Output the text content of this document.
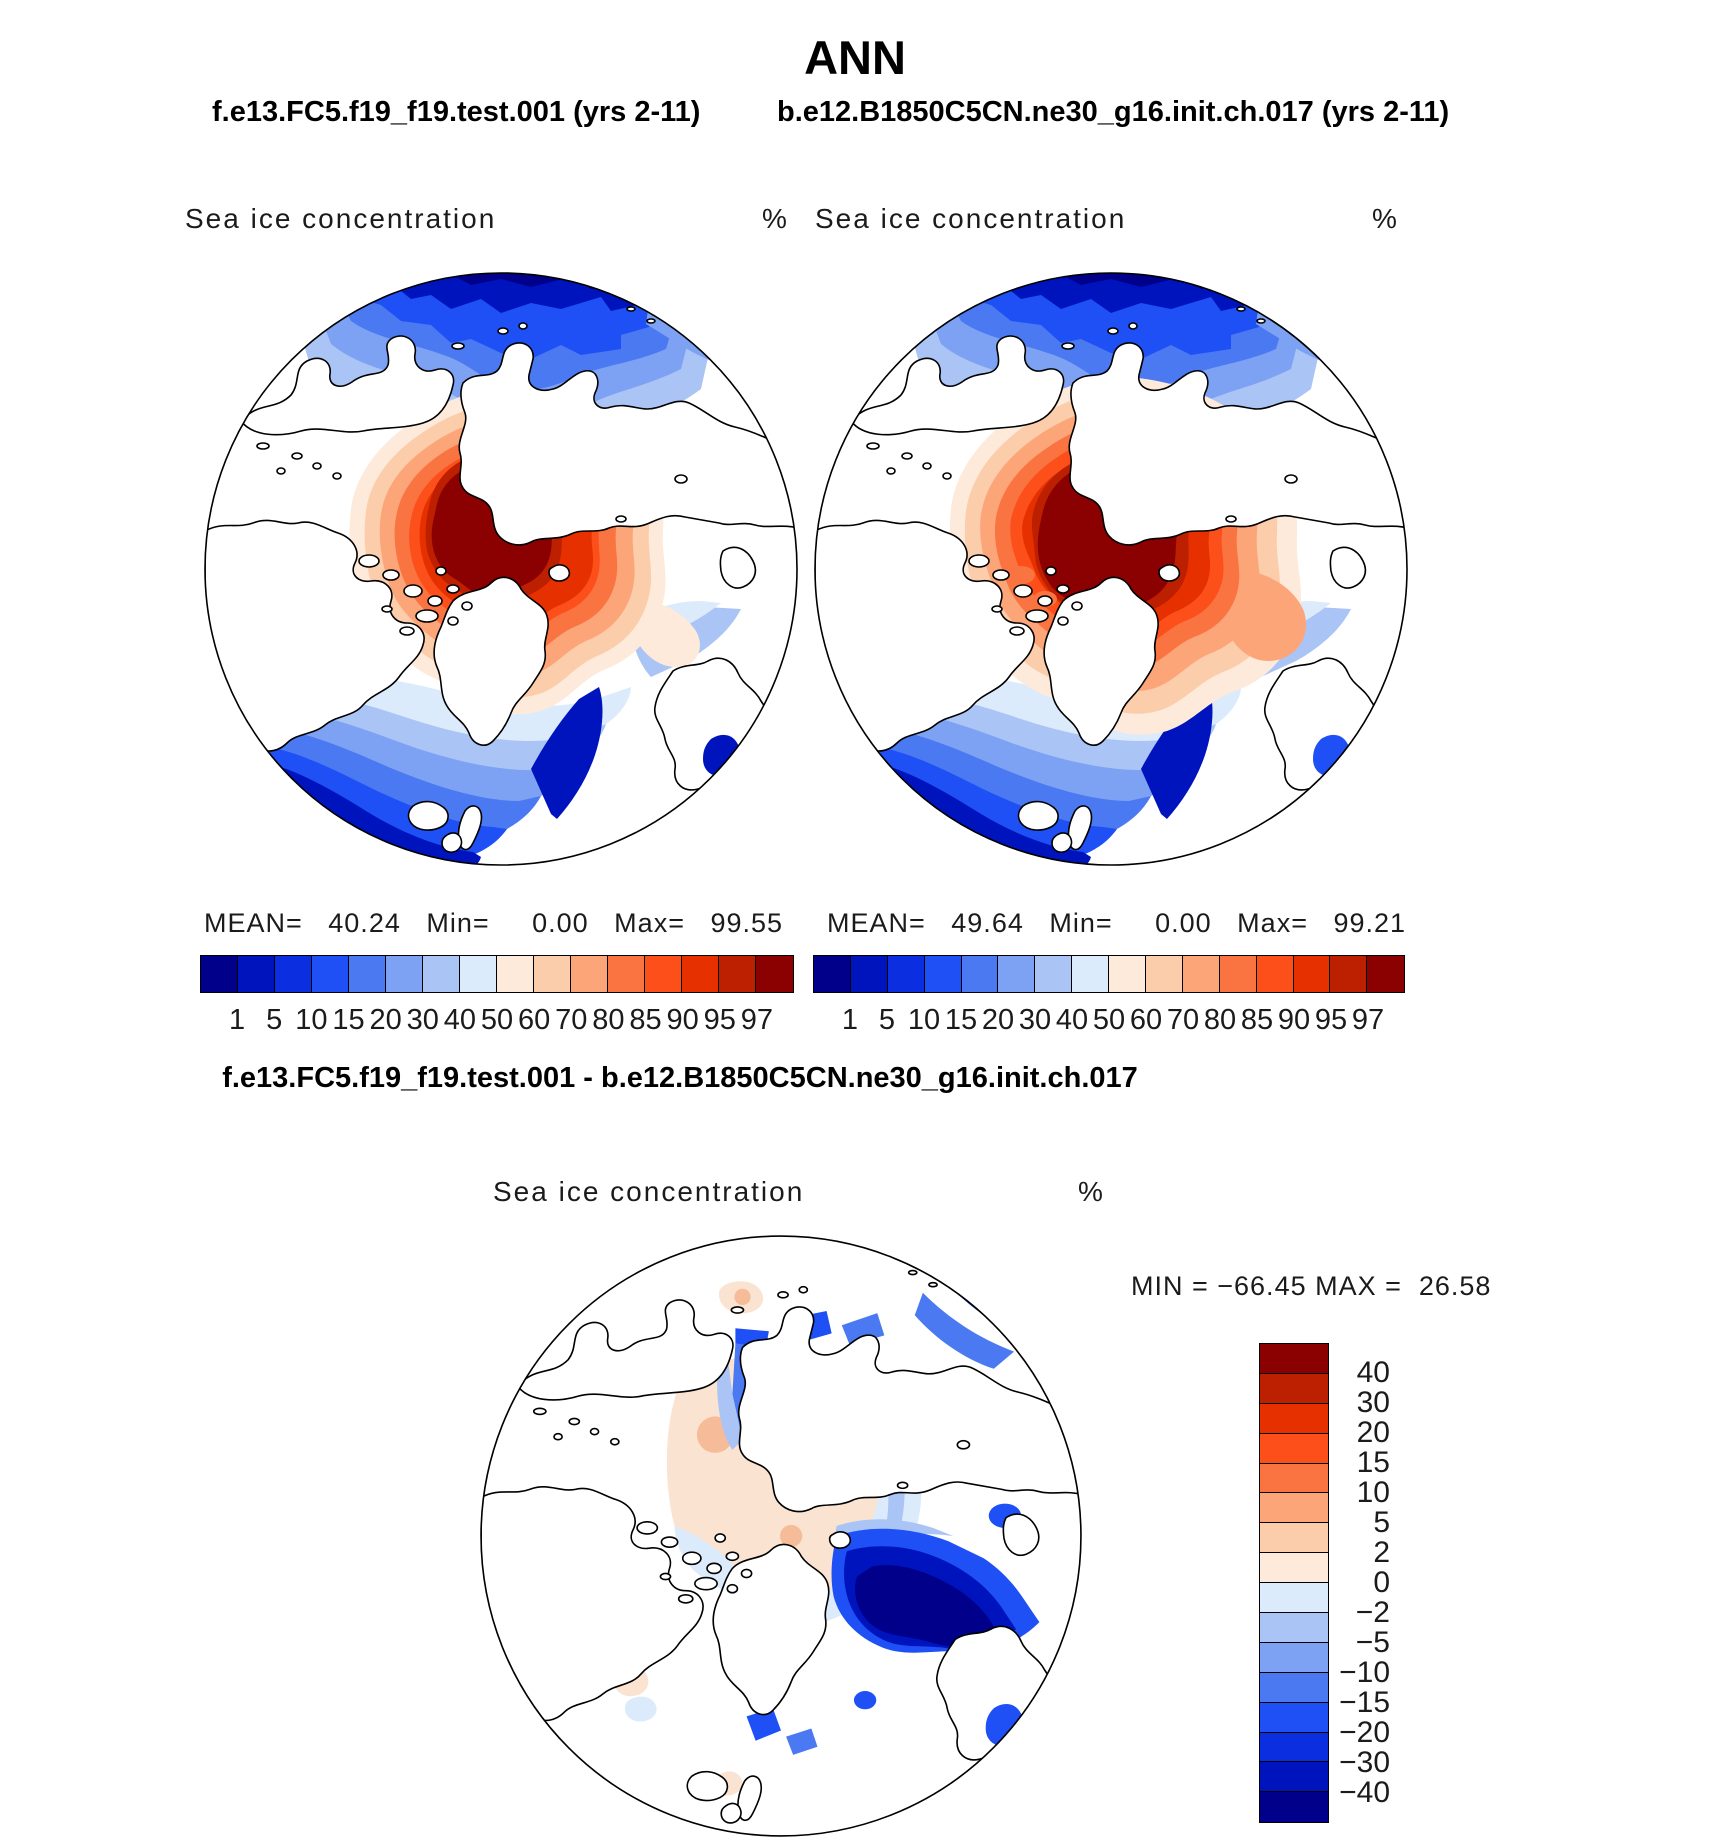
ANN
f.e13.FC5.f19_f19.test.001 (yrs 2-11)	b.e12.B1850C5CN.ne30_g16.init.ch.017 (yrs 2-11)
Sea ice concentration	% Sea ice concentration	%
MEAN=   40.24   Min=     0.00   Max=   99.55 MEAN=   49.64   Min=     0.00   Max=   99.21
1 5 10 15 20 30 40 50 60 70 80 85 90 95 97 1 5 10 15 20 30 40 50 60 70 80 85 90 95 97
f.e13.FC5.f19_f19.test.001 - b.e12.B1850C5CN.ne30_g16.init.ch.017
Sea ice concentration	%
MIN = −66.45 MAX =  26.58
40
30
20
15
10
5
2
0
−2
−5
−10
−15
−20
−30
−40
